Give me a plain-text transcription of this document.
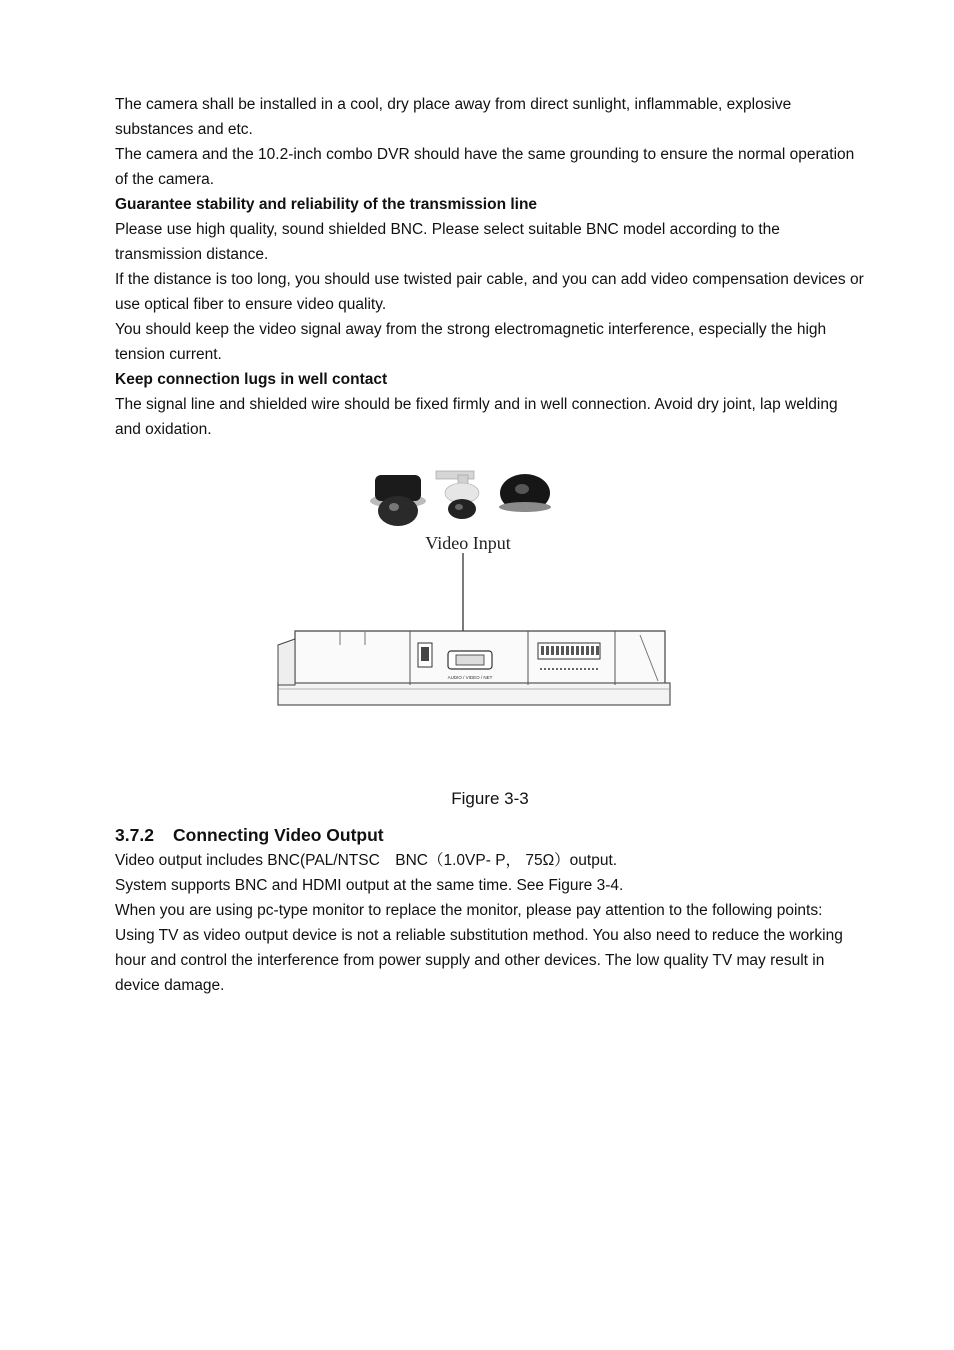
The camera shall be installed in a cool, dry place away from direct sunlight, inflammable, explosive substances and etc.

The camera and the 10.2-inch combo DVR should have the same grounding to ensure the normal operation of the camera.

Guarantee stability and reliability of the transmission line

Please use high quality, sound shielded BNC. Please select suitable BNC model according to the transmission distance.

If the distance is too long, you should use twisted pair cable, and you can add video compensation devices or use optical fiber to ensure video quality.

You should keep the video signal away from the strong electromagnetic interference, especially the high tension current.

Keep connection lugs in well contact

The signal line and shielded wire should be fixed firmly and in well connection. Avoid dry joint, lap welding and oxidation.

Video Input
AUDIO / VIDEO / NET

Figure 3-3

3.7.2 Connecting Video Output

Video output includes BNC(PAL/NTSC　BNC（1.0VP- P， 75Ω）output.

System supports BNC and HDMI output at the same time. See Figure 3-4.

When you are using pc-type monitor to replace the monitor, please pay attention to the following points:

Using TV as video output device is not a reliable substitution method. You also need to reduce the working hour and control the interference from power supply and other devices. The low quality TV may result in device damage.
